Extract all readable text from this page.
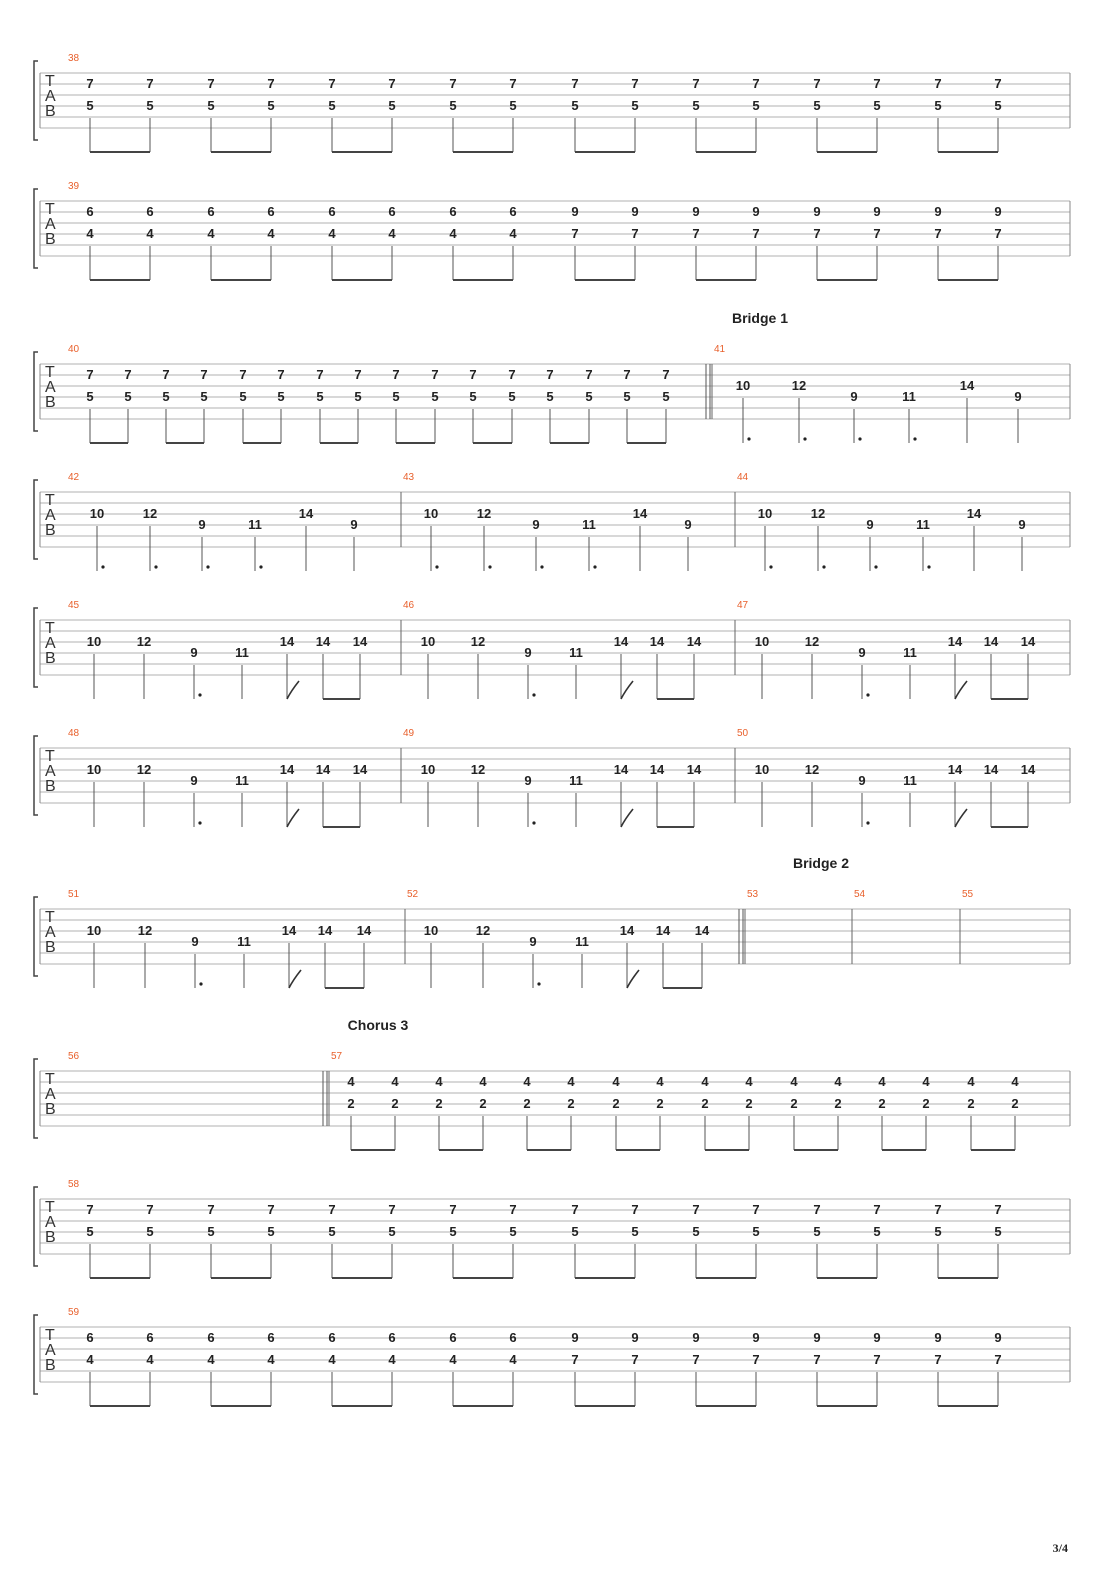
T
A
B
38
7
5
7
5
7
5
7
5
7
5
7
5
7
5
7
5
7
5
7
5
7
5
7
5
7
5
7
5
7
5
7
5
T
A
B
39
6
4
6
4
6
4
6
4
6
4
6
4
6
4
6
4
9
7
9
7
9
7
9
7
9
7
9
7
9
7
9
7
T
A
B
Bridge 1
40
7
5
7
5
7
5
7
5
7
5
7
5
7
5
7
5
7
5
7
5
7
5
7
5
7
5
7
5
7
5
7
5
41
10	12
9	11
14
9
T
A
B
42
10	12
9	11
14
9
43
10	12
9	11
14
9
44
10	12
9	11
14
9
T
A
B
45
10	12
9	11
14 14 14
46
10	12
9	11
14 14 14
47
10	12
9	11
14 14 14
T
A
B
48
10	12
9	11
14 14 14
49
10	12
9	11
14 14 14
50
10	12
9	11
14 14 14
T
A
B
Bridge 2
51
10	12
9	11
14 14 14
52
10	12
9	11
14 14 14
53	54	55
T
A
B
Chorus 3
56	57
4
2
4
2
4
2
4
2
4
2
4
2
4
2
4
2
4
2
4
2
4
2
4
2
4
2
4
2
4
2
4
2
T
A
B
58
7
5
7
5
7
5
7
5
7
5
7
5
7
5
7
5
7
5
7
5
7
5
7
5
7
5
7
5
7
5
7
5
T
A
B
59
6
4
6
4
6
4
6
4
6
4
6
4
6
4
6
4
9
7
9
7
9
7
9
7
9
7
9
7
9
7
9
7
3/4
